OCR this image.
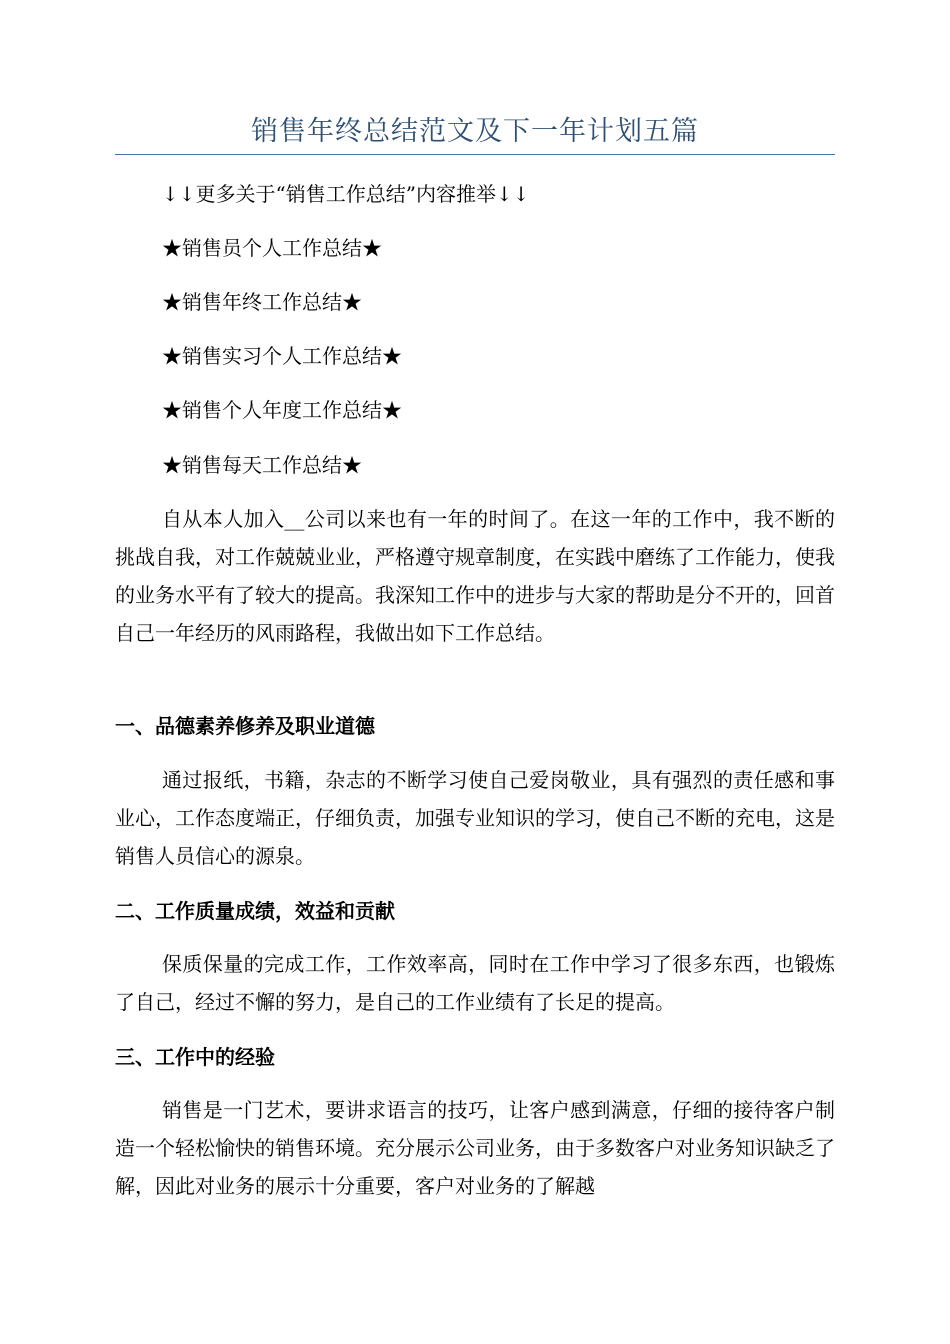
销售年终总结范文及下一年计划五篇
↓↓更多关于“销售工作总结”内容推举↓↓
★销售员个人工作总结★
★销售年终工作总结★
★销售实习个人工作总结★
★销售个人年度工作总结★
★销售每天工作总结★

自从本人加入__公司以来也有一年的时间了。在这一年的工作中，我不断的挑战自我，对工作兢兢业业，严格遵守规章制度，在实践中磨练了工作能力，使我的业务水平有了较大的提高。我深知工作中的进步与大家的帮助是分不开的，回首自己一年经历的风雨路程，我做出如下工作总结。

一、品德素养修养及职业道德

通过报纸，书籍，杂志的不断学习使自己爱岗敬业，具有强烈的责任感和事业心，工作态度端正，仔细负责，加强专业知识的学习，使自己不断的充电，这是销售人员信心的源泉。

二、工作质量成绩，效益和贡献

保质保量的完成工作，工作效率高，同时在工作中学习了很多东西，也锻炼了自己，经过不懈的努力，是自己的工作业绩有了长足的提高。

三、工作中的经验

销售是一门艺术，要讲求语言的技巧，让客户感到满意，仔细的接待客户制造一个轻松愉快的销售环境。充分展示公司业务，由于多数客户对业务知识缺乏了解，因此对业务的展示十分重要，客户对业务的了解越
